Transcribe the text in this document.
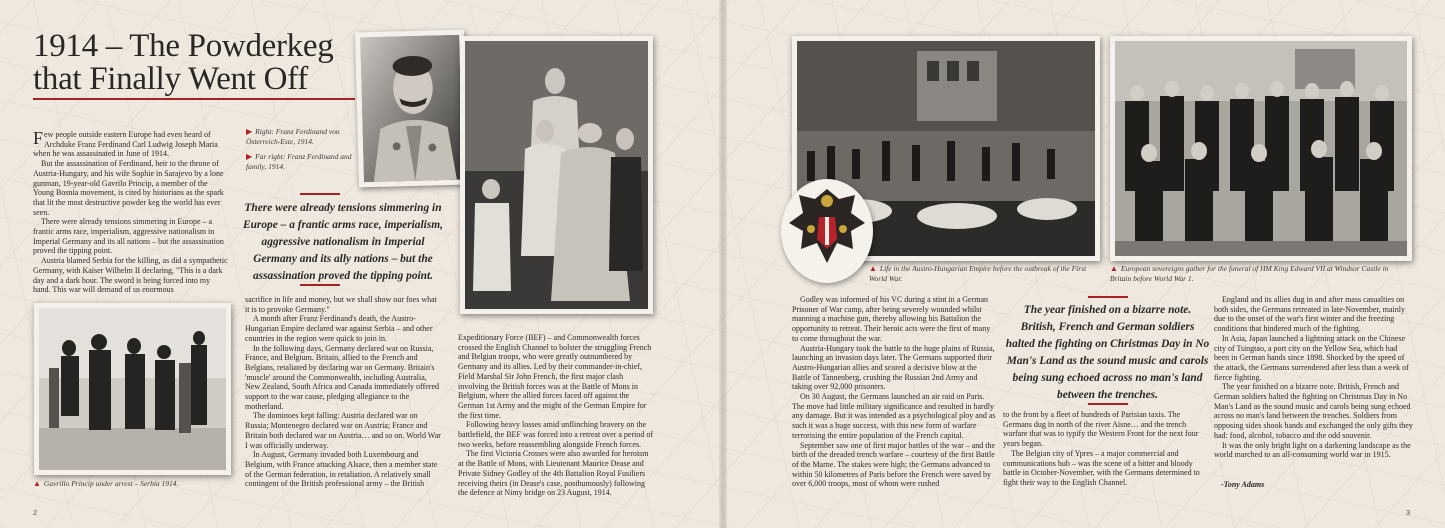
1914 – The Powderkeg
that Finally Went Off
▶ Right: Franz Ferdinand von Österreich-Este, 1914.
▶ Far right: Franz Ferdinand and family, 1914.
There were already tensions simmering in Europe – a frantic arms race, imperialism, aggressive nationalism in Imperial Germany and its ally nations – but the assassination proved the tipping point.

Few people outside eastern Europe had even heard of Archduke Franz Ferdinand Carl Ludwig Joseph Maria when he was assassinated in June of 1914.

But the assassination of Ferdinand, heir to the throne of Austria-Hungary, and his wife Sophie in Sarajevo by a lone gunman, 19-year-old Gavrilo Princip, a member of the Young Bosnia movement, is cited by historians as the spark that lit the most destructive powder keg the world has ever seen.

There were already tensions simmering in Europe – a frantic arms race, imperialism, aggressive nationalism in Imperial Germany and its all nations – but the assassination proved the tipping point.

Austria blamed Serbia for the killing, as did a sympathetic Germany, with Kaiser Wilhelm II declaring, "This is a dark day and a dark hour. The sword is being forced into my hand. This war will demand of us enormous

▲ Gavrillo Princip under arrest – Serbia 1914.

sacrifice in life and money, but we shall show our foes what it is to provoke Germany."

A month after Franz Ferdinand's death, the Austro-Hungarian Empire declared war against Serbia – and other countries in the region were quick to join in.

In the following days, Germany declared war on Russia, France, and Belgium. Britain, allied to the French and Belgians, retaliated by declaring war on Germany. Britain's 'muscle' around the Commonwealth, including Australia, New Zealand, South Africa and Canada immediately offered support to the war cause, pledging allegiance to the motherland.

The dominoes kept falling: Austria declared war on Russia; Montenegro declared war on Austria; France and Britain both declared war on Austria… and so on. World War I was officially underway.

In August, Germany invaded both Luxembourg and Belgium, with France attacking Alsace, then a member state of the German federation, in retaliation. A relatively small contingent of the British professional army – the British

Expeditionary Force (BEF) – and Commonwealth forces crossed the English Channel to bolster the struggling French and Belgian troops, who were greatly outnumbered by Germany and its allies. Led by their commander-in-chief, Field Marshal Sir John French, the first major clash involving the British forces was at the Battle of Mons in Belgium, where the allied forces faced off against the German 1st Army and the might of the German Empire for the first time.

Following heavy losses amid unflinching bravery on the battlefield, the BEF was forced into a retreat over a period of two weeks, before reassembling alongside French forces.

The first Victoria Crosses were also awarded for heroism at the Battle of Mons, with Lieutenant Maurice Dease and Private Sidney Godley of the 4th Battalion Royal Fusiliers receiving theirs (in Dease's case, posthumously) following the defence at Nimy bridge on 23 August, 1914.

2
▲ Life in the Austro-Hungarian Empire before the outbreak of the First World War.
▲ European sovereigns gather for the funeral of HM King Edward VII at Windsor Castle in Britain before World War 1.

Godley was informed of his VC during a stint in a German Prisoner of War camp, after being severely wounded whilst manning a machine gun, thereby allowing his Battalion the opportunity to retreat. Their heroic acts were the first of many to come throughout the war.

Austria-Hungary took the battle to the huge plains of Russia, launching an invasion days later. The Germans supported their Austro-Hungarian allies and scored a decisive blow at the Battle of Tannenberg, crushing the Russian 2nd Army and taking over 92,000 prisoners.

On 30 August, the Germans launched an air raid on Paris. The move had little military significance and resulted in hardly any damage. But it was intended as a psychological ploy and as such it was a huge success, with this new form of warfare terrorising the entire population of the French capital.

September saw one of first major battles of the war – and the birth of the dreaded trench warfare – courtesy of the first Battle of the Marne. The stakes were high; the Germans advanced to within 50 kilometres of Paris before the French were saved by over 6,000 troops, most of whom were rushed

The year finished on a bizarre note. British, French and German soldiers halted the fighting on Christmas Day in No Man's Land as the sound music and carols being sung echoed across no man's land between the trenches.

to the front by a fleet of hundreds of Parisian taxis. The Germans dug in north of the river Aisne… and the trench warfare that was to typify the Western Front for the next four years began.

The Belgian city of Ypres – a major commercial and communications hub – was the scene of a bitter and bloody battle in October-November, with the Germans determined to fight their way to the English Channel.

England and its allies dug in and after mass casualties on both sides, the Germans retreated in late-November, mainly due to the onset of the war's first winter and the freezing conditions that hindered much of the fighting.

In Asia, Japan launched a lightning attack on the Chinese city of Tsingtao, a port city on the Yellow Sea, which had been in German hands since 1898. Shocked by the speed of the attack, the Germans surrendered after less than a week of fierce fighting.

The year finished on a bizarre note. British, French and German soldiers halted the fighting on Christmas Day in No Man's Land as the sound music and carols being sung echoed across no man's land between the trenches. Soldiers from opposing sides shook hands and exchanged the only gifts they had: food, alcohol, tobacco and the odd souvenir.

It was the only bright light on a darkening landscape as the world marched to an all-consuming world war in 1915.

-Tony Adams
3
